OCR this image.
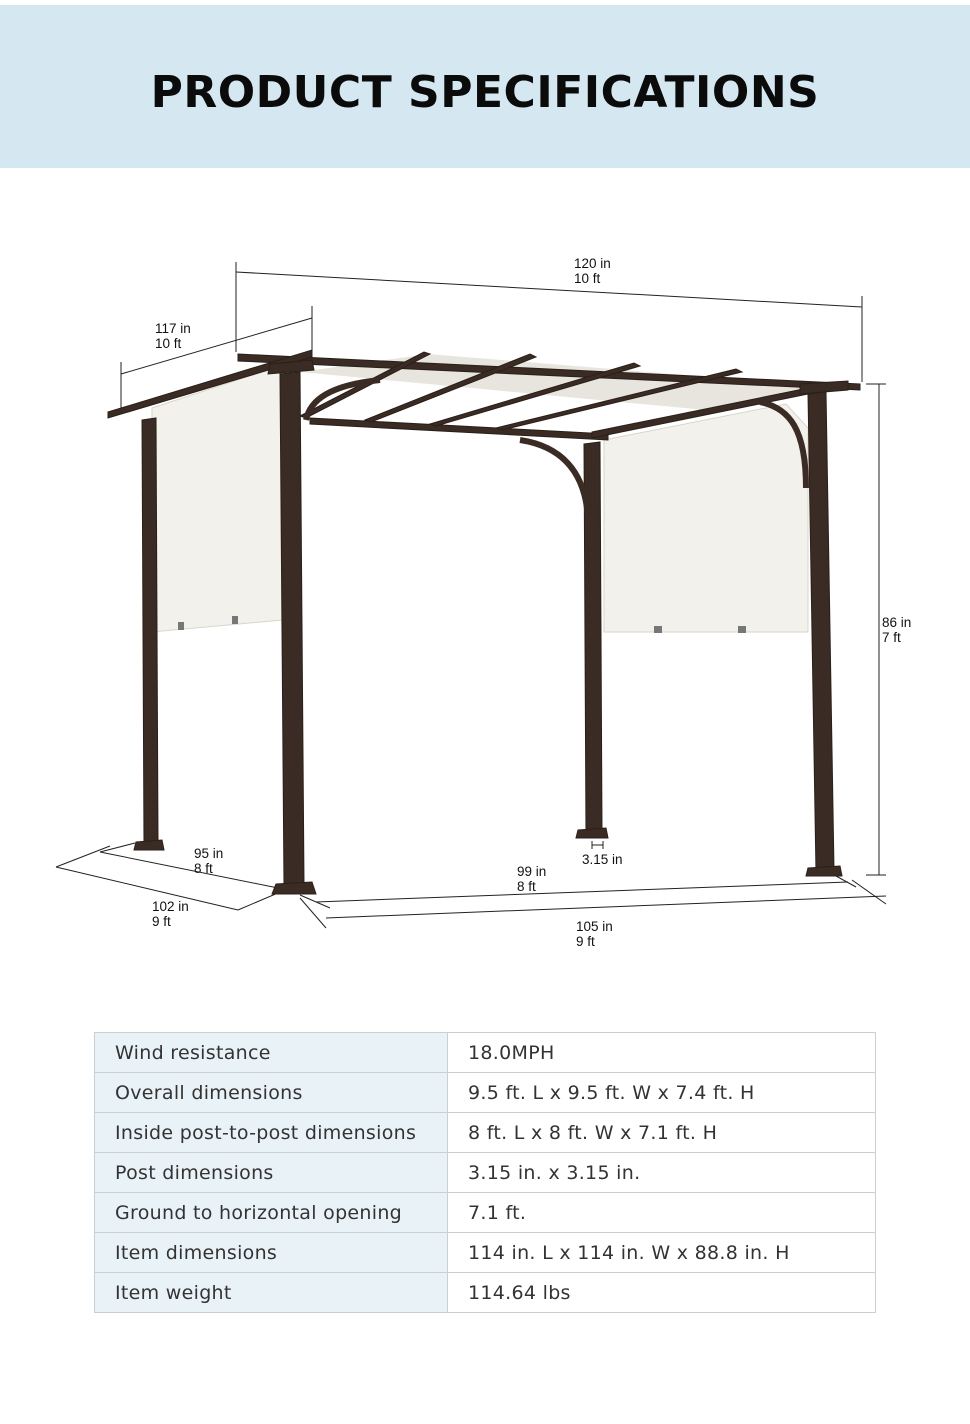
PRODUCT SPECIFICATIONS
120 in
10 ft
117 in
10 ft
86 in
7 ft
95 in
8 ft
102 in
9 ft
99 in
8 ft
105 in
9 ft
3.15 in
Wind resistance	18.0MPH
Overall dimensions	9.5 ft. L x 9.5 ft. W x 7.4 ft. H
Inside post-to-post dimensions	8 ft. L x 8 ft. W x 7.1 ft. H
Post dimensions	3.15 in. x 3.15 in.
Ground to horizontal opening	7.1 ft.
Item dimensions	114 in. L x 114 in. W x 88.8 in. H
Item weight	114.64 lbs
